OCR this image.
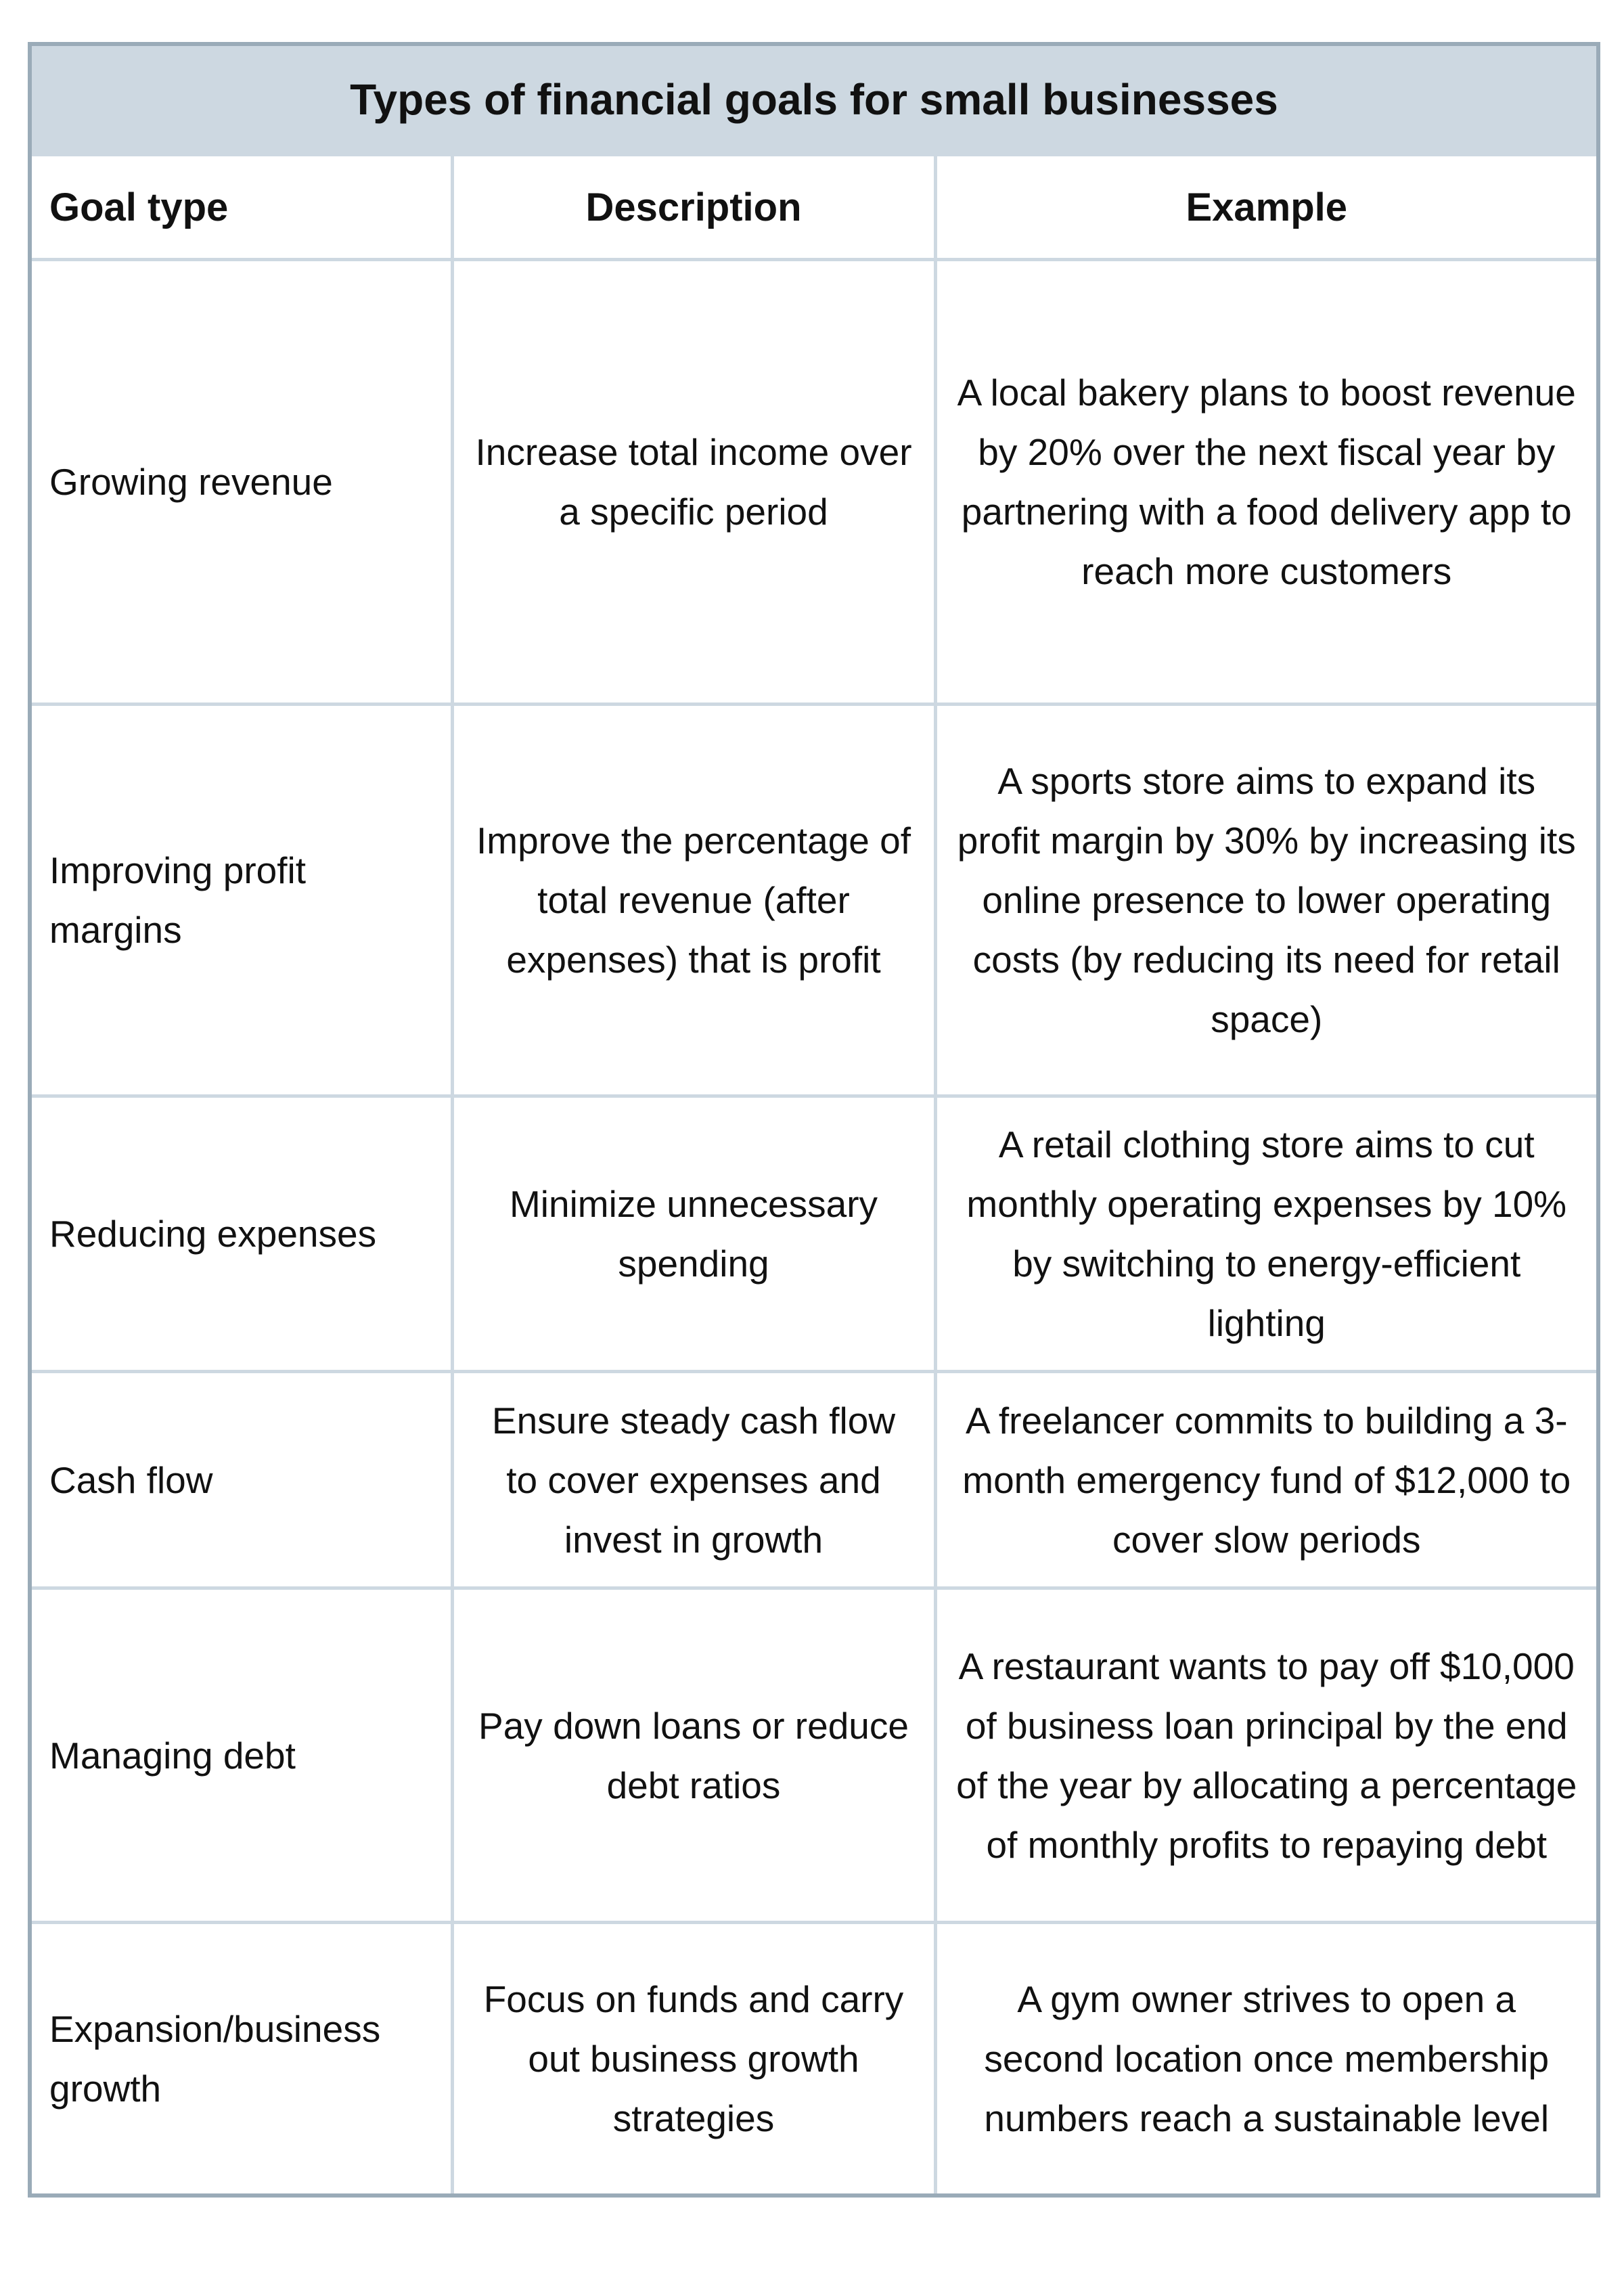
Types of financial goals for small businesses		
Goal type	Description	Example
Growing revenue	Increase total income over a specific period	A local bakery plans to boost revenue by 20% over the next fiscal year by partnering with a food delivery app to reach more customers
Improving profit margins	Improve the percentage of total revenue (after expenses) that is profit	A sports store aims to expand its profit margin by 30% by increasing its online presence to lower operating costs (by reducing its need for retail space)
Reducing expenses	Minimize unnecessary spending	A retail clothing store aims to cut monthly operating expenses by 10% by switching to energy-efficient lighting
Cash flow	Ensure steady cash flow to cover expenses and invest in growth	A freelancer commits to building a 3-month emergency fund of $12,000 to cover slow periods
Managing debt	Pay down loans or reduce debt ratios	A restaurant wants to pay off $10,000 of business loan principal by the end of the year by allocating a percentage of monthly profits to repaying debt
Expansion/business growth	Focus on funds and carry out business growth strategies	A gym owner strives to open a second location once membership numbers reach a sustainable level
